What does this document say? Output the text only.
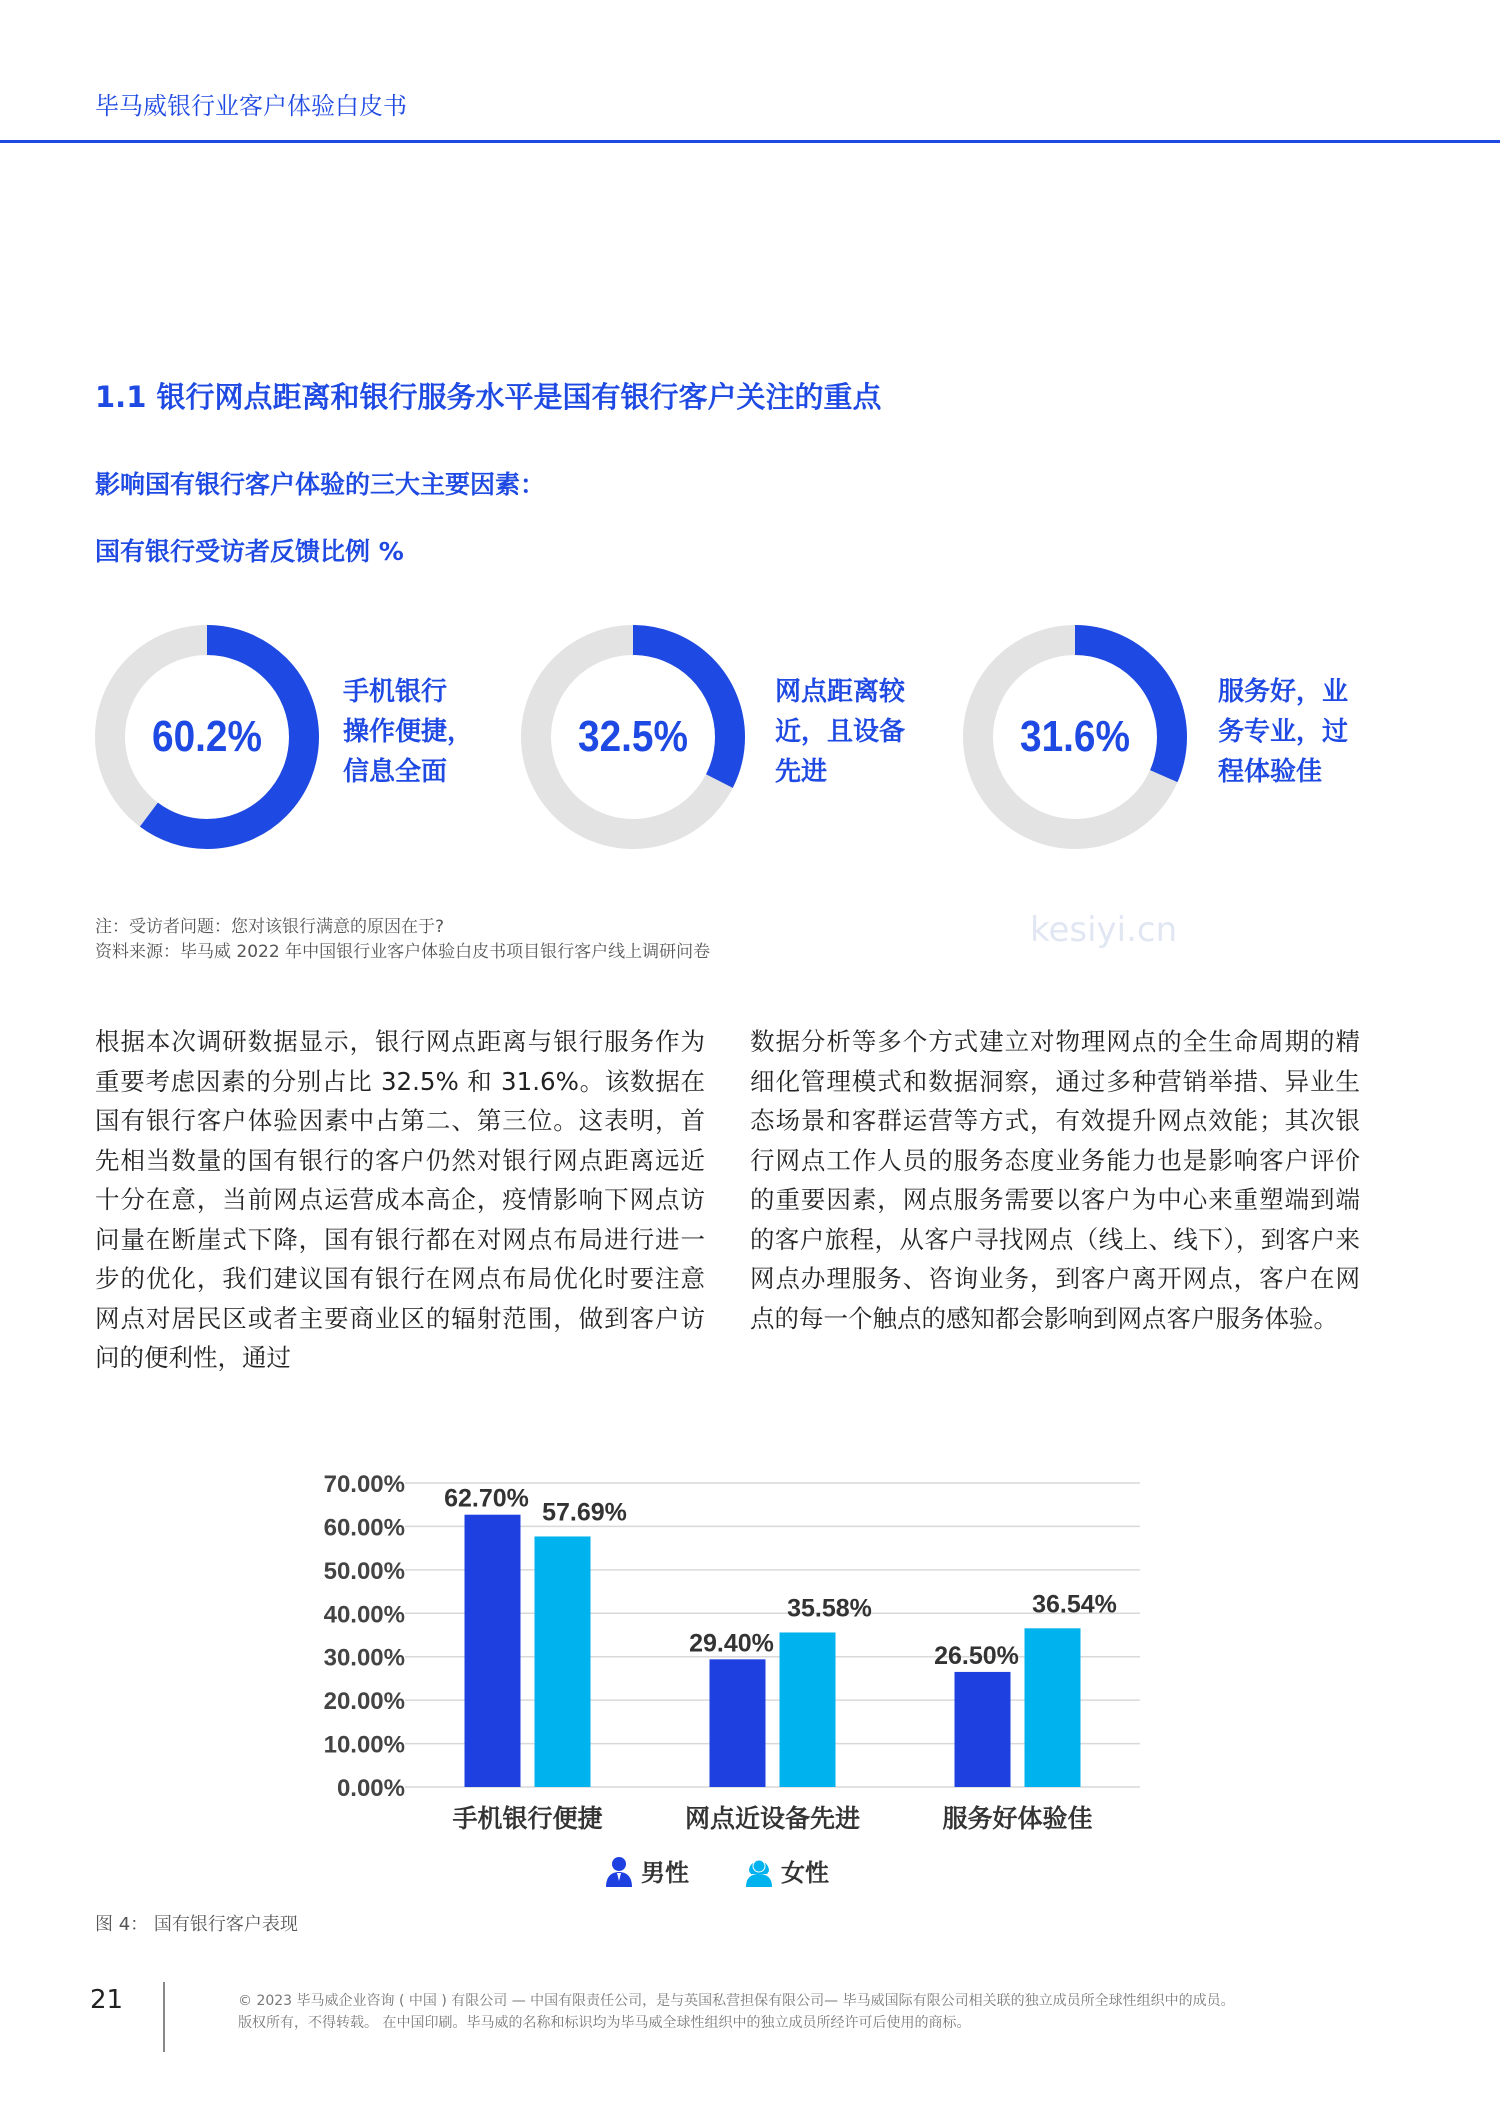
毕马威银行业客户体验白皮书
1.1 银行网点距离和银行服务水平是国有银行客户关注的重点
影响国有银行客户体验的三大主要因素：
国有银行受访者反馈比例 %
60.2%
手机银行
操作便捷，
信息全面
32.5%
网点距离较
近，且设备
先进
31.6%
服务好，业
务专业，过
程体验佳
kesiyi.cn
注：受访者问题：您对该银行满意的原因在于?
资料来源：毕马威 2022 年中国银行业客户体验白皮书项目银行客户线上调研问卷
根据本次调研数据显示，银行网点距离与银行服务作为重要考虑因素的分别占比 32.5% 和 31.6%。该数据在国有银行客户体验因素中占第二、第三位。这表明，首先相当数量的国有银行的客户仍然对银行网点距离远近十分在意，当前网点运营成本高企，疫情影响下网点访问量在断崖式下降，国有银行都在对网点布局进行进一步的优化，我们建议国有银行在网点布局优化时要注意网点对居民区或者主要商业区的辐射范围，做到客户访问的便利性，通过
数据分析等多个方式建立对物理网点的全生命周期的精细化管理模式和数据洞察，通过多种营销举措、异业生态场景和客群运营等方式，有效提升网点效能；其次银行网点工作人员的服务态度业务能力也是影响客户评价的重要因素，网点服务需要以客户为中心来重塑端到端的客户旅程，从客户寻找网点（线上、线下），到客户来网点办理服务、咨询业务，到客户离开网点，客户在网点的每一个触点的感知都会影响到网点客户服务体验。
0.00%
10.00%
20.00%
30.00%
40.00%
50.00%
60.00%
70.00%
62.70% 57.69%
手机银行便捷
29.40%
35.58%
网点近设备先进
26.50%
36.54%
服务好体验佳
男性	女性
图 4： 国有银行客户表现
21	© 2023 毕马威企业咨询 ( 中国 ) 有限公司 — 中国有限责任公司，是与英国私营担保有限公司— 毕马威国际有限公司相关联的独立成员所全球性组织中的成员。
版权所有，不得转载。 在中国印刷。毕马威的名称和标识均为毕马威全球性组织中的独立成员所经许可后使用的商标。
